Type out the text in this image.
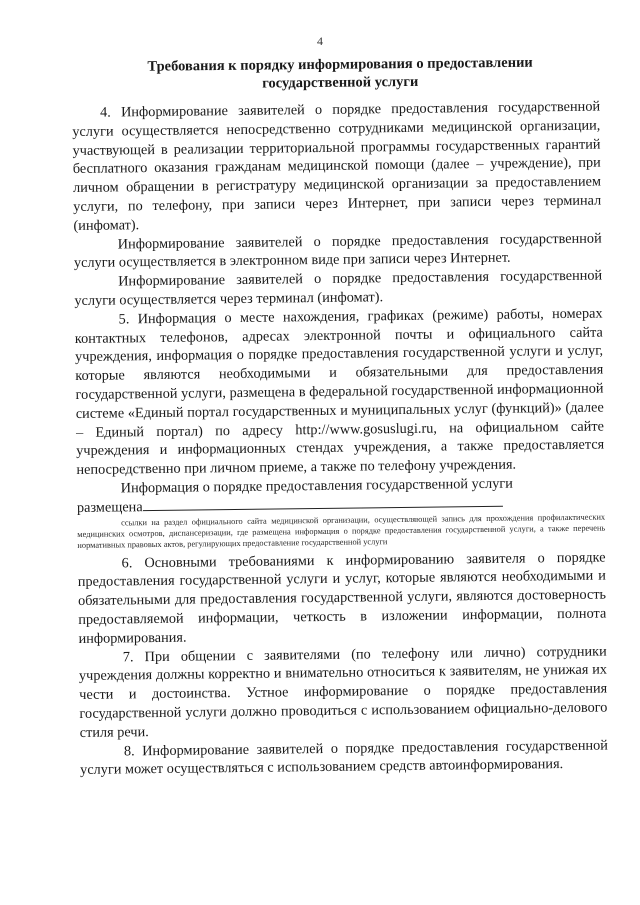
4
Требования к порядку информирования о предоставлении государственной услуги

4. Информирование заявителей о порядке предоставления государственной услуги осуществляется непосредственно сотрудниками медицинской организации, участвующей в реализации территориальной программы государственных гарантий бесплатного оказания гражданам медицинской помощи (далее – учреждение), при личном обращении в регистратуру медицинской организации за предоставлением услуги, по телефону, при записи через Интернет, при записи через терминал (инфомат).

Информирование заявителей о порядке предоставления государственной услуги осуществляется в электронном виде при записи через Интернет.

Информирование заявителей о порядке предоставления государственной услуги осуществляется через терминал (инфомат).

5. Информация о месте нахождения, графиках (режиме) работы, номерах контактных телефонов, адресах электронной почты и официального сайта учреждения, информация о порядке предоставления государственной услуги и услуг, которые являются необходимыми и обязательными для предоставления государственной услуги, размещена в федеральной государственной информационной системе «Единый портал государственных и муниципальных услуг (функций)» (далее – Единый портал) по адресу http://www.gosuslugi.ru, на официальном сайте учреждения и информационных стендах учреждения, а также предоставляется непосредственно при личном приеме, а также по телефону учреждения.

Информация о порядке предоставления государственной услуги

размещена

ссылки на раздел официального сайта медицинской организации, осуществляющей запись для прохождения профилактических медицинских осмотров, диспансеризации, где размещена информация о порядке предоставления государственной услуги, а также перечень нормативных правовых актов, регулирующих предоставление государственной услуги

6. Основными требованиями к информированию заявителя о порядке предоставления государственной услуги и услуг, которые являются необходимыми и обязательными для предоставления государственной услуги, являются достоверность предоставляемой информации, четкость в изложении информации, полнота информирования.

7. При общении с заявителями (по телефону или лично) сотрудники учреждения должны корректно и внимательно относиться к заявителям, не унижая их чести и достоинства. Устное информирование о порядке предоставления государственной услуги должно проводиться с использованием официально-делового стиля речи.

8. Информирование заявителей о порядке предоставления государственной услуги может осуществляться с использованием средств автоинформирования.
